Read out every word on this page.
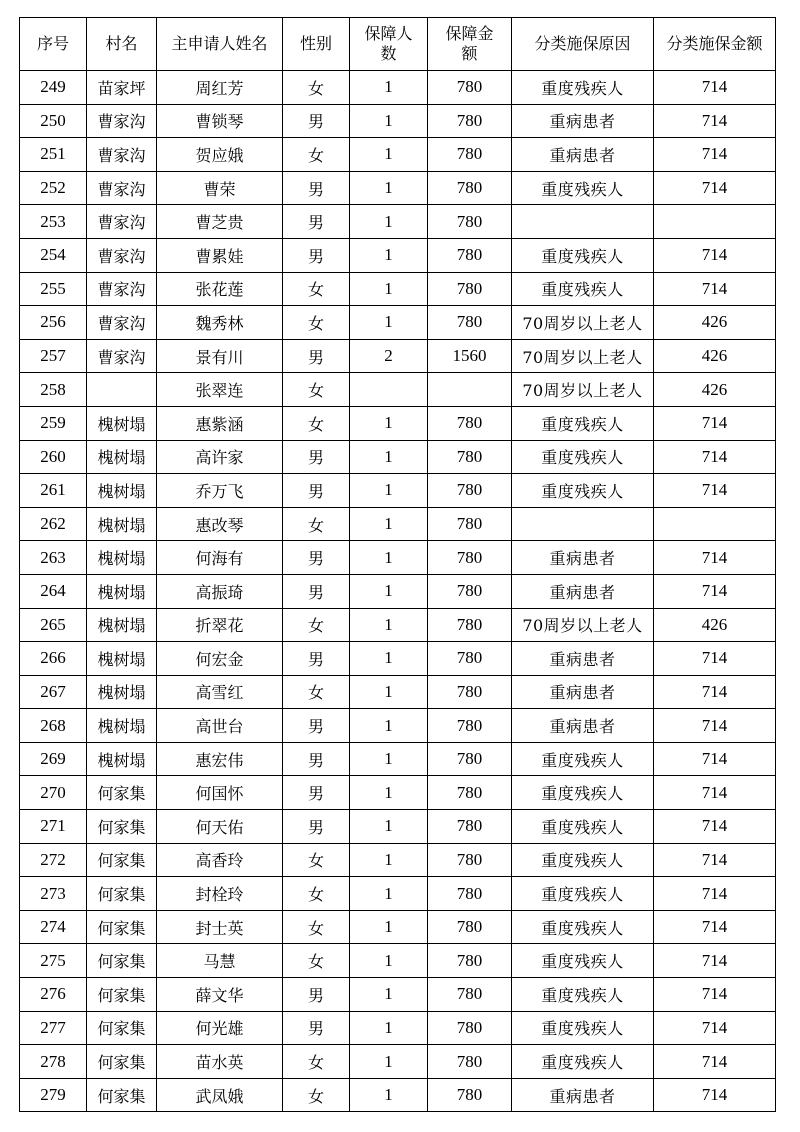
序号	村名	主申请人姓名	性别	保障人数	保障金额	分类施保原因	分类施保金额
249	苗家坪	周红芳	女	1	780	重度残疾人	714
250	曹家沟	曹锁琴	男	1	780	重病患者	714
251	曹家沟	贺应娥	女	1	780	重病患者	714
252	曹家沟	曹荣	男	1	780	重度残疾人	714
253	曹家沟	曹芝贵	男	1	780		
254	曹家沟	曹累娃	男	1	780	重度残疾人	714
255	曹家沟	张花莲	女	1	780	重度残疾人	714
256	曹家沟	魏秀林	女	1	780	70周岁以上老人	426
257	曹家沟	景有川	男	2	1560	70周岁以上老人	426
258		张翠连	女			70周岁以上老人	426
259	槐树塌	惠紫涵	女	1	780	重度残疾人	714
260	槐树塌	高许家	男	1	780	重度残疾人	714
261	槐树塌	乔万飞	男	1	780	重度残疾人	714
262	槐树塌	惠改琴	女	1	780		
263	槐树塌	何海有	男	1	780	重病患者	714
264	槐树塌	高振琦	男	1	780	重病患者	714
265	槐树塌	折翠花	女	1	780	70周岁以上老人	426
266	槐树塌	何宏金	男	1	780	重病患者	714
267	槐树塌	高雪红	女	1	780	重病患者	714
268	槐树塌	高世台	男	1	780	重病患者	714
269	槐树塌	惠宏伟	男	1	780	重度残疾人	714
270	何家集	何国怀	男	1	780	重度残疾人	714
271	何家集	何天佑	男	1	780	重度残疾人	714
272	何家集	高香玲	女	1	780	重度残疾人	714
273	何家集	封栓玲	女	1	780	重度残疾人	714
274	何家集	封士英	女	1	780	重度残疾人	714
275	何家集	马慧	女	1	780	重度残疾人	714
276	何家集	薛文华	男	1	780	重度残疾人	714
277	何家集	何光雄	男	1	780	重度残疾人	714
278	何家集	苗水英	女	1	780	重度残疾人	714
279	何家集	武凤娥	女	1	780	重病患者	714
